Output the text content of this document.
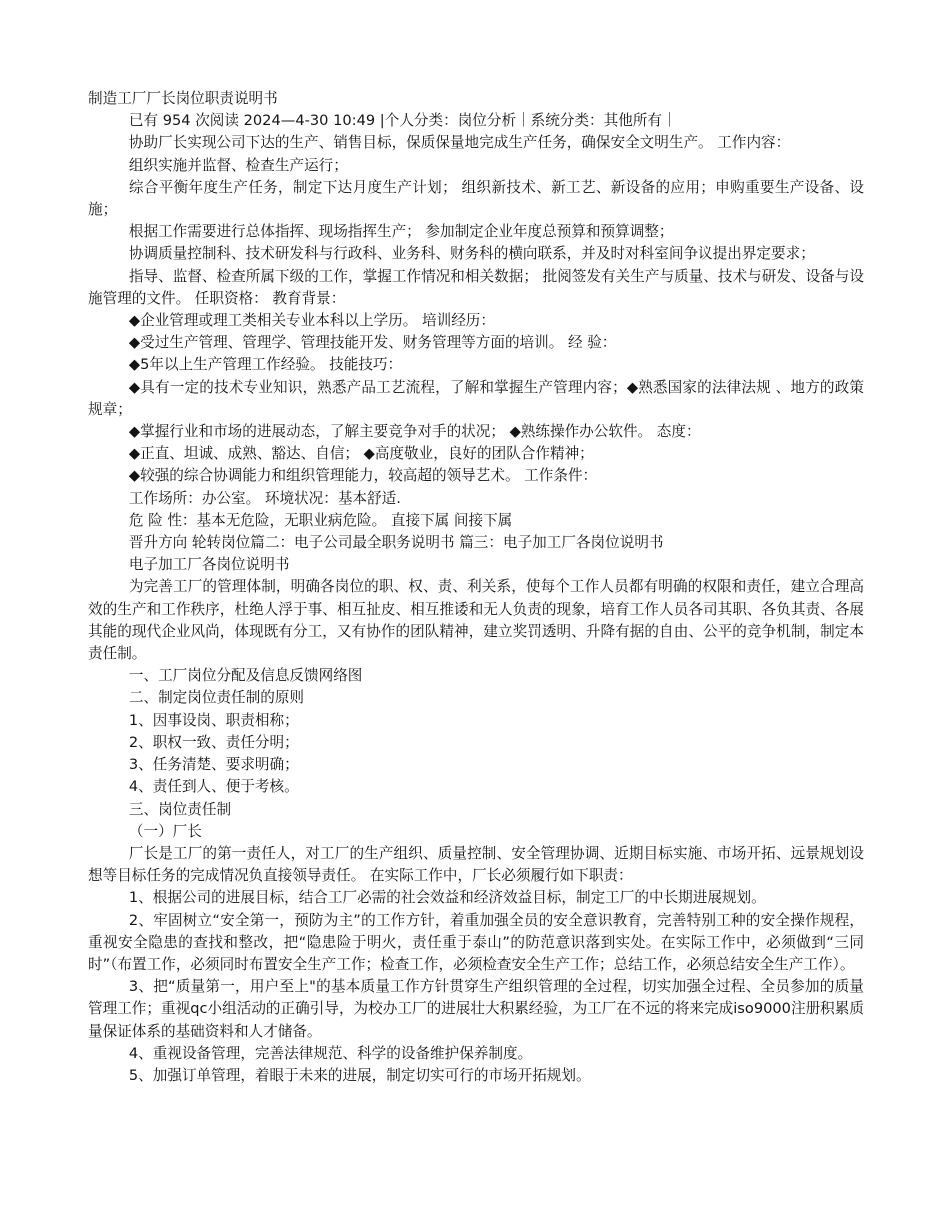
制造工厂厂长岗位职责说明书

已有 954 次阅读 2024—4-30 10:49 |个人分类：岗位分析｜系统分类：其他所有｜

协助厂长实现公司下达的生产、销售目标，保质保量地完成生产任务，确保安全文明生产。 工作内容：

组织实施并监督、检查生产运行；

综合平衡年度生产任务，制定下达月度生产计划； 组织新技术、新工艺、新设备的应用；申购重要生产设备、设施；

根据工作需要进行总体指挥、现场指挥生产； 参加制定企业年度总预算和预算调整；

协调质量控制科、技术研发科与行政科、业务科、财务科的横向联系，并及时对科室间争议提出界定要求；

指导、监督、检查所属下级的工作，掌握工作情况和相关数据； 批阅签发有关生产与质量、技术与研发、设备与设施管理的文件。 任职资格： 教育背景：

◆企业管理或理工类相关专业本科以上学历。 培训经历：

◆受过生产管理、管理学、管理技能开发、财务管理等方面的培训。 经 验：

◆5年以上生产管理工作经验。 技能技巧：

◆具有一定的技术专业知识，熟悉产品工艺流程，了解和掌握生产管理内容；◆熟悉国家的法律法规 、地方的政策规章；

◆掌握行业和市场的进展动态，了解主要竞争对手的状况； ◆熟练操作办公软件。 态度：

◆正直、坦诚、成熟、豁达、自信； ◆高度敬业，良好的团队合作精神；

◆较强的综合协调能力和组织管理能力，较高超的领导艺术。 工作条件：

工作场所：办公室。 环境状况：基本舒适.

危 险 性：基本无危险，无职业病危险。 直接下属 间接下属

晋升方向 轮转岗位篇二：电子公司最全职务说明书 篇三：电子加工厂各岗位说明书

电子加工厂各岗位说明书

为完善工厂的管理体制，明确各岗位的职、权、责、利关系，使每个工作人员都有明确的权限和责任，建立合理高效的生产和工作秩序，杜绝人浮于事、相互扯皮、相互推诿和无人负责的现象，培育工作人员各司其职、各负其责、各展其能的现代企业风尚，体现既有分工，又有协作的团队精神，建立奖罚透明、升降有据的自由、公平的竞争机制，制定本责任制。

一、工厂岗位分配及信息反馈网络图

二、制定岗位责任制的原则

1、因事设岗、职责相称；

2、职权一致、责任分明；

3、任务清楚、要求明确；

4、责任到人、便于考核。

三、岗位责任制

（一）厂长

厂长是工厂的第一责任人，对工厂的生产组织、质量控制、安全管理协调、近期目标实施、市场开拓、远景规划设想等目标任务的完成情况负直接领导责任。 在实际工作中，厂长必须履行如下职责：

1、根据公司的进展目标，结合工厂必需的社会效益和经济效益目标，制定工厂的中长期进展规划。

2、牢固树立“安全第一，预防为主”的工作方针，着重加强全员的安全意识教育，完善特别工种的安全操作规程，重视安全隐患的查找和整改，把“隐患险于明火，责任重于泰山”的防范意识落到实处。在实际工作中，必须做到“三同时”（布置工作，必须同时布置安全生产工作；检查工作，必须检查安全生产工作；总结工作，必须总结安全生产工作）。

3、把“质量第一，用户至上"的基本质量工作方针贯穿生产组织管理的全过程，切实加强全过程、全员参加的质量管理工作；重视qc小组活动的正确引导，为校办工厂的进展壮大积累经验，为工厂在不远的将来完成iso9000注册积累质量保证体系的基础资料和人才储备。

4、重视设备管理，完善法律规范、科学的设备维护保养制度。

5、加强订单管理，着眼于未来的进展，制定切实可行的市场开拓规划。
